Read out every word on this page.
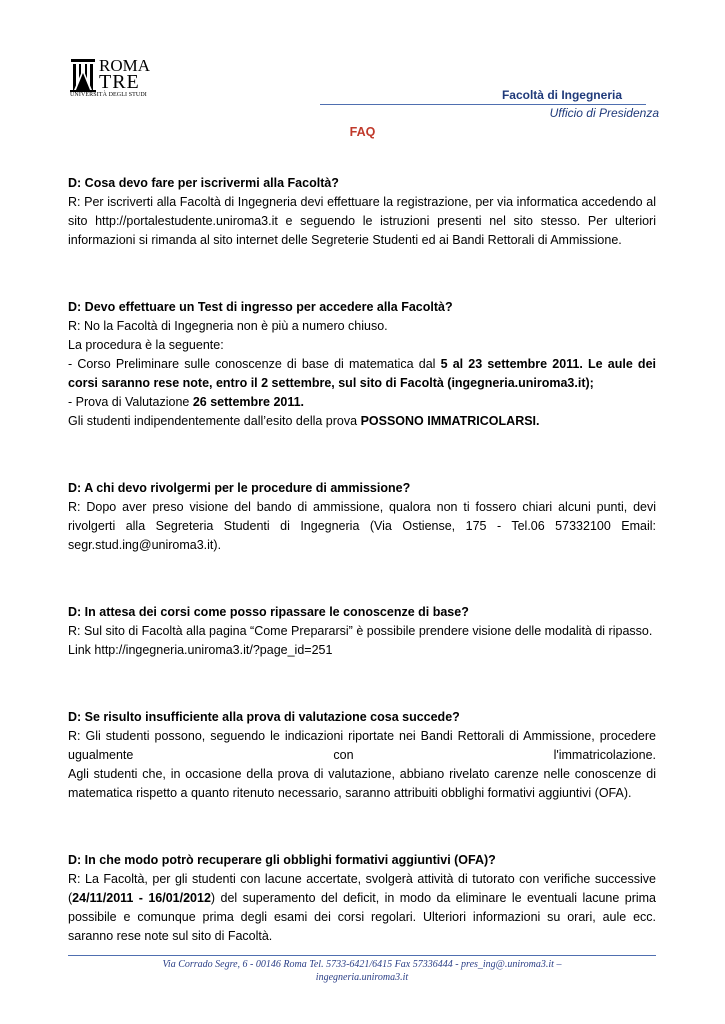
ROMA
TRE
UNIVERSITÀ DEGLI STUDI	Facoltà di Ingegneria
Ufficio di Presidenza
FAQ

D: Cosa devo fare per iscrivermi alla Facoltà?

R: Per iscriverti alla Facoltà di Ingegneria devi effettuare la registrazione, per via informatica accedendo al sito http://portalestudente.uniroma3.it e seguendo le istruzioni presenti nel sito stesso. Per ulteriori informazioni si rimanda al sito internet delle Segreterie Studenti ed ai Bandi Rettorali di Ammissione.

D: Devo effettuare un Test di ingresso per accedere alla Facoltà?

R: No la Facoltà di Ingegneria non è più a numero chiuso.

La procedura è la seguente:

- Corso Preliminare sulle conoscenze di base di matematica dal 5 al 23 settembre 2011. Le aule dei corsi saranno rese note, entro il 2 settembre, sul sito di Facoltà (ingegneria.uniroma3.it);

- Prova di Valutazione 26 settembre 2011.

Gli studenti indipendentemente dall’esito della prova POSSONO IMMATRICOLARSI.

D: A chi devo rivolgermi per le procedure di ammissione?

R: Dopo aver preso visione del bando di ammissione, qualora non ti fossero chiari alcuni punti, devi rivolgerti alla Segreteria Studenti di Ingegneria (Via Ostiense, 175 - Tel.06 57332100 Email: segr.stud.ing@uniroma3.it).

D: In attesa dei corsi come posso ripassare le conoscenze di base?

R: Sul sito di Facoltà alla pagina “Come Prepararsi” è possibile prendere visione delle modalità di ripasso.

Link http://ingegneria.uniroma3.it/?page_id=251

D: Se risulto insufficiente alla prova di valutazione cosa succede?

R: Gli studenti possono, seguendo le indicazioni riportate nei Bandi Rettorali di Ammissione, procedere ugualmente con l'immatricolazione.

Agli studenti che, in occasione della prova di valutazione, abbiano rivelato carenze nelle conoscenze di matematica rispetto a quanto ritenuto necessario, saranno attribuiti obblighi formativi aggiuntivi (OFA).

D: In che modo potrò recuperare gli obblighi formativi aggiuntivi (OFA)?

R: La Facoltà, per gli studenti con lacune accertate, svolgerà attività di tutorato con verifiche successive (24/11/2011 - 16/01/2012) del superamento del deficit, in modo da eliminare le eventuali lacune prima possibile e comunque prima degli esami dei corsi regolari. Ulteriori informazioni su orari, aule ecc. saranno rese note sul sito di Facoltà.

Via Corrado Segre, 6 - 00146 Roma Tel. 5733-6421/6415 Fax 57336444 - pres_ing@.uniroma3.it –
ingegneria.uniroma3.it
